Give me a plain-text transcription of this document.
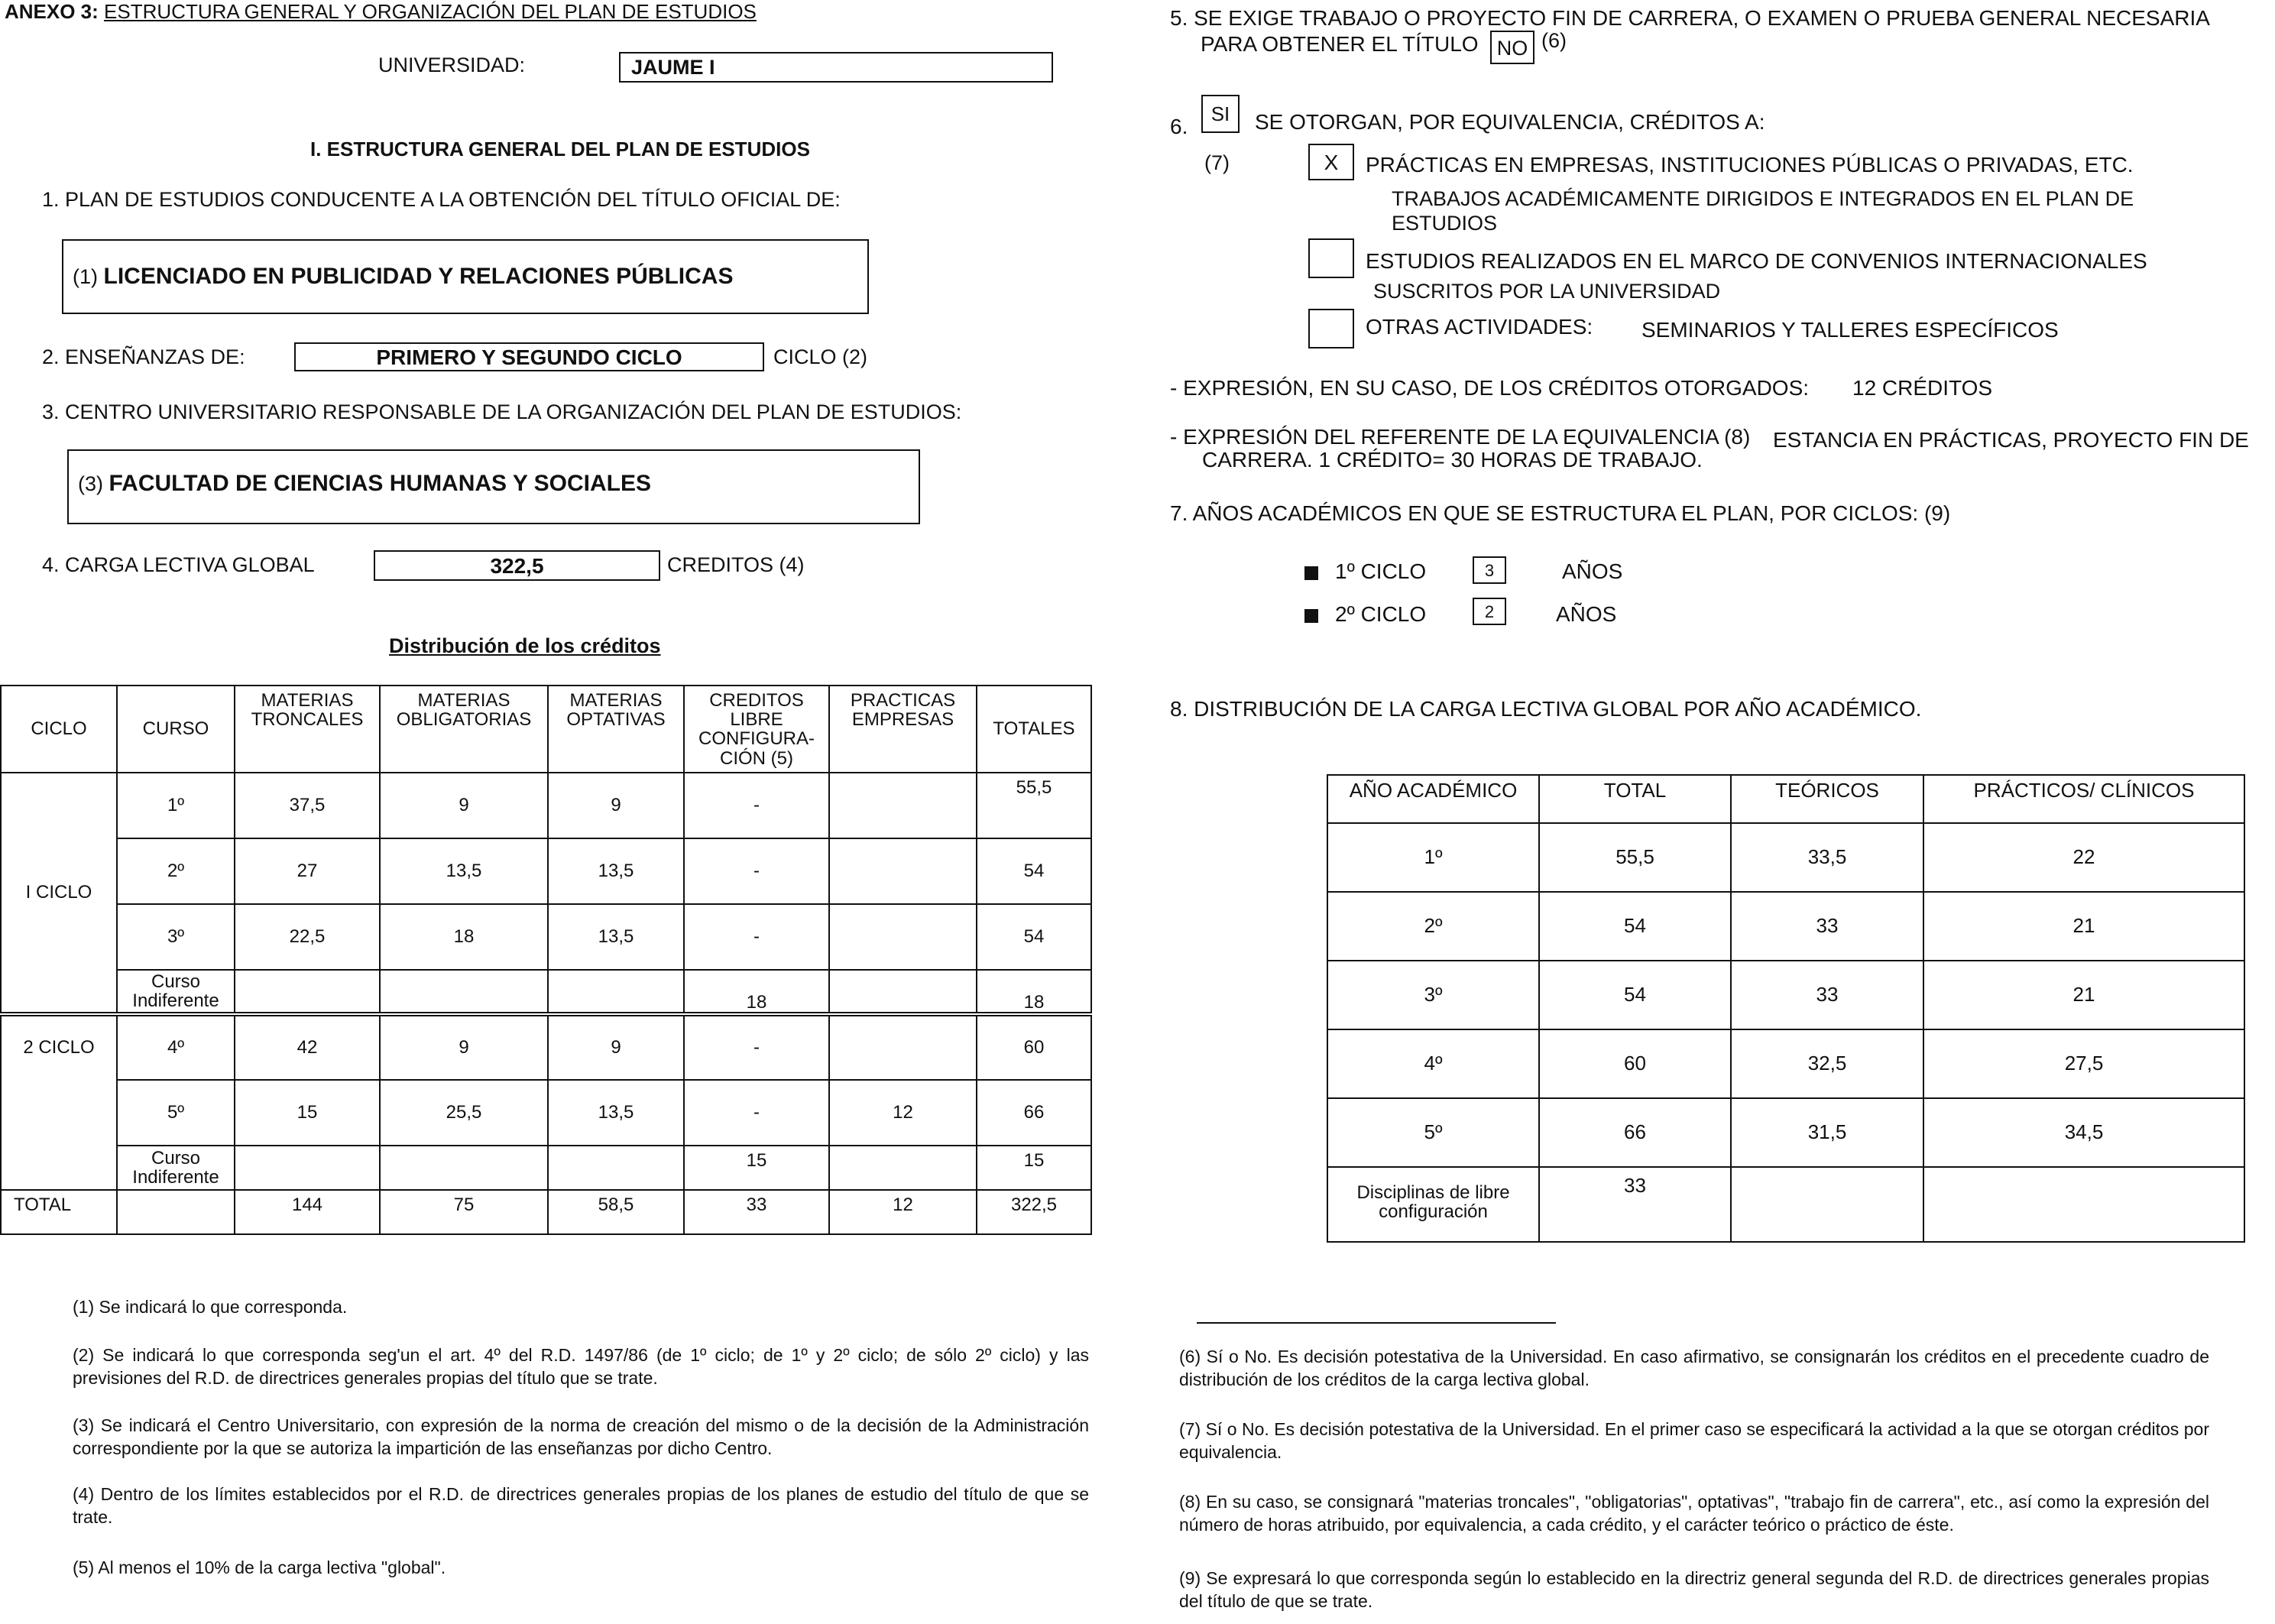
ANEXO 3: ESTRUCTURA GENERAL Y ORGANIZACIÓN DEL PLAN DE ESTUDIOS
UNIVERSIDAD:	JAUME I
I. ESTRUCTURA GENERAL DEL PLAN DE ESTUDIOS
1. PLAN DE ESTUDIOS CONDUCENTE A LA OBTENCIÓN DEL TÍTULO OFICIAL DE:
(1) LICENCIADO EN PUBLICIDAD Y RELACIONES PÚBLICAS
2. ENSEÑANZAS DE:	PRIMERO Y SEGUNDO CICLO	CICLO (2)
3. CENTRO UNIVERSITARIO RESPONSABLE DE LA ORGANIZACIÓN DEL PLAN DE ESTUDIOS:
(3) FACULTAD DE CIENCIAS HUMANAS Y SOCIALES
4. CARGA LECTIVA GLOBAL	322,5	CREDITOS (4)
Distribución de los créditos
CICLO	CURSO	MATERIAS TRONCALES	MATERIAS OBLIGATORIAS	MATERIAS OPTATIVAS	CREDITOS LIBRE CONFIGURA-CIÓN (5)	PRACTICAS EMPRESAS	TOTALES
I CICLO	1º	37,5	9	9	-		55,5
	2º	27	13,5	13,5	-		54
	3º	22,5	18	13,5	-		54
	Curso Indiferente				18		18
2 CICLO	4º	42	9	9	-		60
	5º	15	25,5	13,5	-	12	66
	Curso Indiferente				15		15
TOTAL		144	75	58,5	33	12	322,5
(1) Se indicará lo que corresponda.
(2) Se indicará lo que corresponda seg'un el art. 4º del R.D. 1497/86 (de 1º ciclo; de 1º y 2º ciclo; de sólo 2º ciclo) y las previsiones del R.D. de directrices generales propias del título que se trate.
(3) Se indicará el Centro Universitario, con expresión de la norma de creación del mismo o de la decisión de la Administración correspondiente por la que se autoriza la impartición de las enseñanzas por dicho Centro.
(4) Dentro de los límites establecidos por el R.D. de directrices generales propias de los planes de estudio del título de que se trate.
(5) Al menos el 10% de la carga lectiva "global".
5. SE EXIGE TRABAJO O PROYECTO FIN DE CARRERA, O EXAMEN O PRUEBA GENERAL NECESARIA
PARA OBTENER EL TÍTULO NO (6)
6.
SI	SE OTORGAN, POR EQUIVALENCIA, CRÉDITOS A:
(7)	X	PRÁCTICAS EN EMPRESAS, INSTITUCIONES PÚBLICAS O PRIVADAS, ETC.
TRABAJOS ACADÉMICAMENTE DIRIGIDOS E INTEGRADOS EN EL PLAN DE ESTUDIOS
ESTUDIOS REALIZADOS EN EL MARCO DE CONVENIOS INTERNACIONALES
SUSCRITOS POR LA UNIVERSIDAD
OTRAS ACTIVIDADES: SEMINARIOS Y TALLERES ESPECÍFICOS
- EXPRESIÓN, EN SU CASO, DE LOS CRÉDITOS OTORGADOS: 12 CRÉDITOS
- EXPRESIÓN DEL REFERENTE DE LA EQUIVALENCIA (8) ESTANCIA EN PRÁCTICAS, PROYECTO FIN DE
CARRERA. 1 CRÉDITO= 30 HORAS DE TRABAJO.
7. AÑOS ACADÉMICOS EN QUE SE ESTRUCTURA EL PLAN, POR CICLOS: (9)
1º CICLO	3	AÑOS
2º CICLO	2	AÑOS
8. DISTRIBUCIÓN DE LA CARGA LECTIVA GLOBAL POR AÑO ACADÉMICO.
AÑO ACADÉMICO	TOTAL	TEÓRICOS	PRÁCTICOS/ CLÍNICOS
1º	55,5	33,5	22
2º	54	33	21
3º	54	33	21
4º	60	32,5	27,5
5º	66	31,5	34,5
Disciplinas de libre configuración	33		
(6) Sí o No. Es decisión potestativa de la Universidad. En caso afirmativo, se consignarán los créditos en el precedente cuadro de distribución de los créditos de la carga lectiva global.
(7) Sí o No. Es decisión potestativa de la Universidad. En el primer caso se especificará la actividad a la que se otorgan créditos por equivalencia.
(8) En su caso, se consignará "materias troncales", "obligatorias", optativas", "trabajo fin de carrera", etc., así como la expresión del número de horas atribuido, por equivalencia, a cada crédito, y el carácter teórico o práctico de éste.
(9) Se expresará lo que corresponda según lo establecido en la directriz general segunda del R.D. de directrices generales propias del título de que se trate.
